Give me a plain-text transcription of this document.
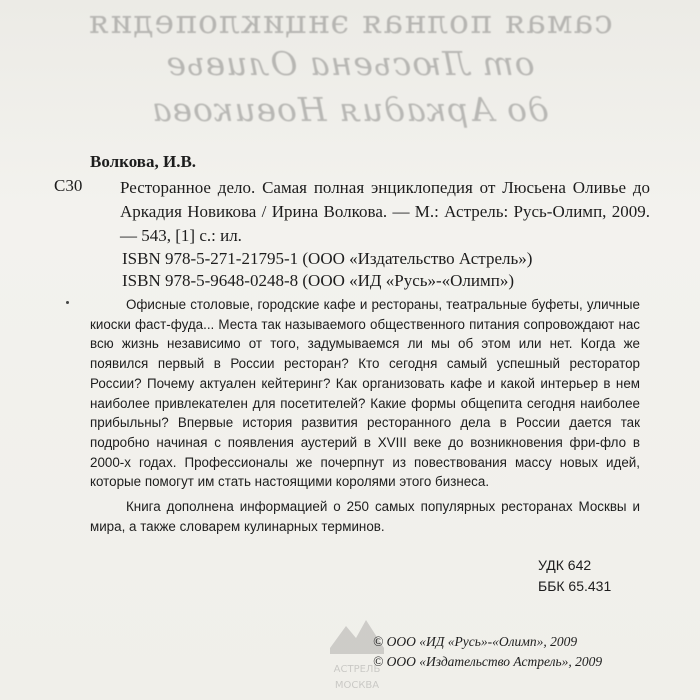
самая полная энциклопедия
от Люсьена Оливье
до Аркадия Новикова
Волкова, И.В.
С30	Ресторанное дело. Самая полная энциклопедия от Люсьена Оливье до Аркадия Новикова / Ирина Волкова. — М.: Астрель: Русь-Олимп, 2009. — 543, [1] с.: ил.
ISBN 978-5-271-21795-1 (ООО «Издательство Астрель»)
ISBN 978-5-9648-0248-8 (ООО «ИД «Русь»-«Олимп»)

Офисные столовые, городские кафе и рестораны, театральные буфеты, уличные киоски фаст-фуда... Места так называемого общественного питания сопровождают нас всю жизнь независимо от того, задумываемся ли мы об этом или нет. Когда же появился первый в России ресторан? Кто сегодня самый успешный ресторатор России? Почему актуален кейтеринг? Как организовать кафе и какой интерьер в нем наиболее привлекателен для посетителей? Какие формы общепита сегодня наиболее прибыльны? Впервые история развития ресторанного дела в России дается так подробно начиная с появления аустерий в XVIII веке до возникновения фри-фло в 2000-х годах. Профессионалы же почерпнут из повествования массу новых идей, которые помогут им стать настоящими королями этого бизнеса.

Книга дополнена информацией о 250 самых популярных ресторанах Москвы и мира, а также словарем кулинарных терминов.

УДК 642
ББК 65.431
АСТРЕЛЬ
МОСКВА
© ООО «ИД «Русь»-«Олимп», 2009
© ООО «Издательство Астрель», 2009
